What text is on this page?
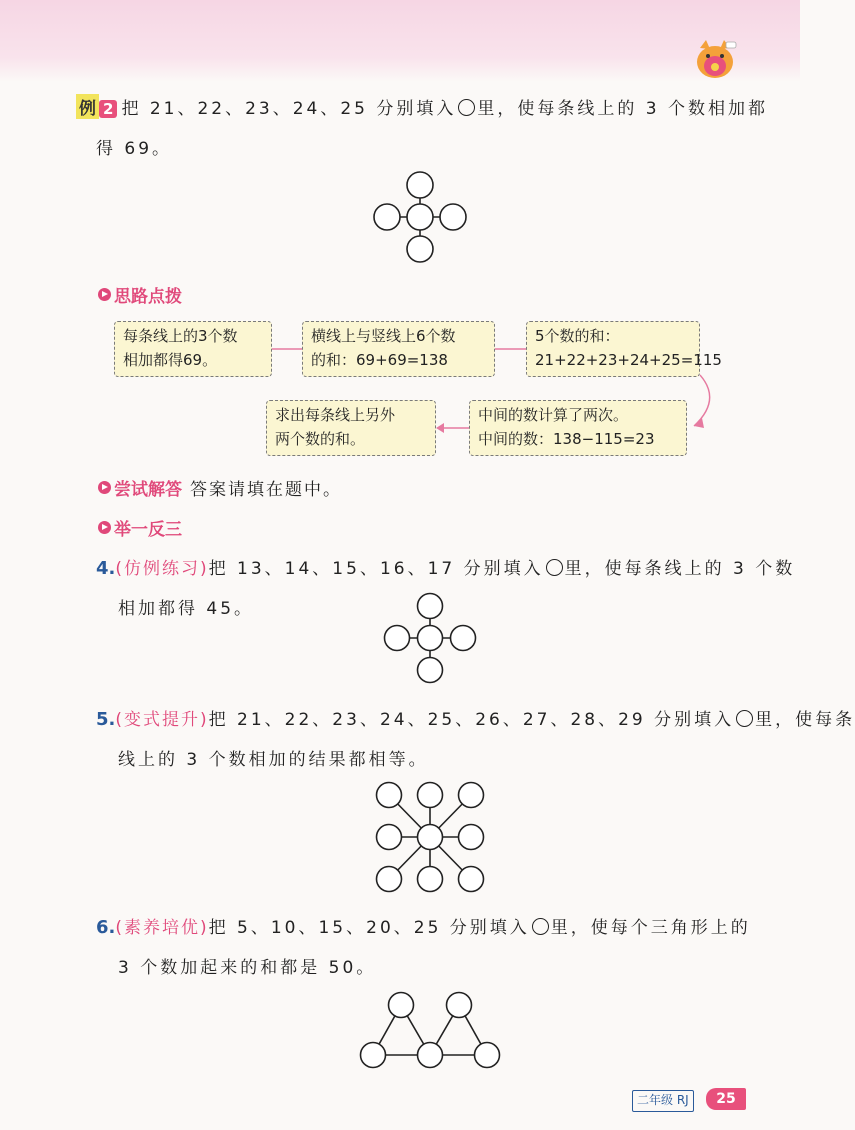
例 2 把 21、22、23、24、25 分别填入 里，使每条线上的 3 个数相加都
得 69。
思路点拨
每条线上的3个数
相加都得69。
横线上与竖线上6个数
的和：69+69=138
5个数的和：
21+22+23+24+25=115
中间的数计算了两次。
中间的数：138−115=23
求出每条线上另外
两个数的和。
尝试解答 答案请填在题中。
举一反三
4.(仿例练习)把 13、14、15、16、17 分别填入 里，使每条线上的 3 个数
相加都得 45。
5.(变式提升)把 21、22、23、24、25、26、27、28、29 分别填入 里，使每条
线上的 3 个数相加的结果都相等。
6.(素养培优)把 5、10、15、20、25 分别填入 里，使每个三角形上的
3 个数加起来的和都是 50。
二年级 RJ	25
